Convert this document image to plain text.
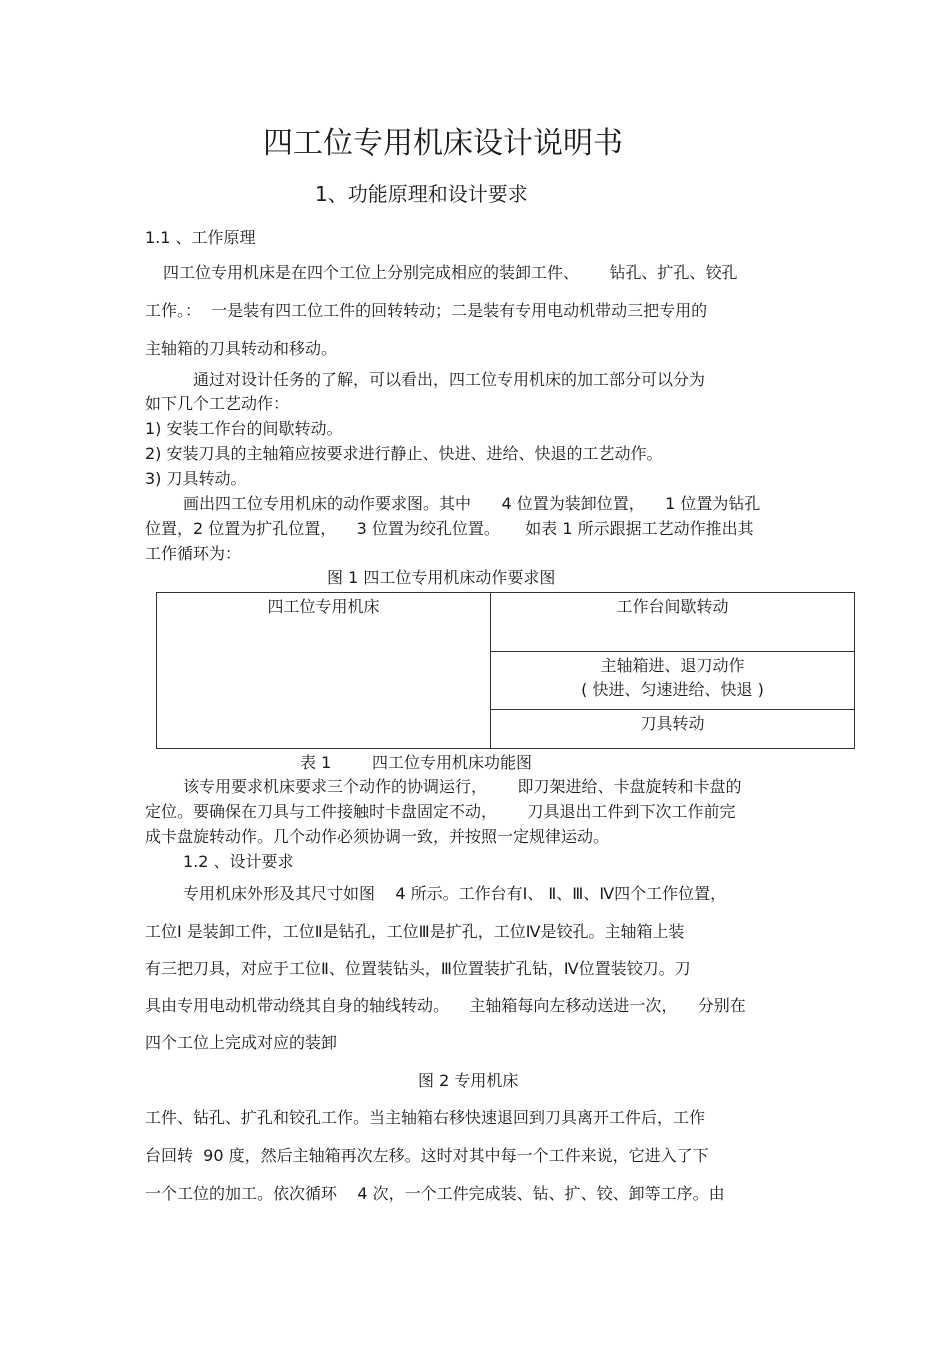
四工位专用机床设计说明书
1、功能原理和设计要求
1.1 、工作原理
四工位专用机床是在四个工位上分别完成相应的装卸工件、      钻孔、扩孔、铰孔
工作。：  一是装有四工位工件的回转转动；二是装有专用电动机带动三把专用的
主轴箱的刀具转动和移动。
通过对设计任务的了解，可以看出，四工位专用机床的加工部分可以分为
如下几个工艺动作：
1) 安装工作台的间歇转动。
2) 安装刀具的主轴箱应按要求进行静止、快进、进给、快退的工艺动作。
3) 刀具转动。
画出四工位专用机床的动作要求图。其中      4 位置为装卸位置，    1 位置为钻孔
位置，2 位置为扩孔位置，    3 位置为绞孔位置。     如表 1 所示跟据工艺动作推出其
工作循环为：
图 1 四工位专用机床动作要求图
四工位专用机床	工作台间歇转动

主轴箱进、退刀动作
( 快进、匀速进给、快退 )

刀具转动
表 1        四工位专用机床功能图
该专用要求机床要求三个动作的协调运行，      即刀架进给、卡盘旋转和卡盘的
定位。要确保在刀具与工件接触时卡盘固定不动，      刀具退出工件到下次工作前完
成卡盘旋转动作。几个动作必须协调一致，并按照一定规律运动。
1.2 、设计要求
专用机床外形及其尺寸如图    4 所示。工作台有Ⅰ、 Ⅱ、Ⅲ、Ⅳ四个工作位置，
工位Ⅰ 是装卸工件，工位Ⅱ是钻孔，工位Ⅲ是扩孔，工位Ⅳ是铰孔。主轴箱上装
有三把刀具，对应于工位Ⅱ、位置装钻头，Ⅲ位置装扩孔钻，Ⅳ位置装铰刀。刀
具由专用电动机带动绕其自身的轴线转动。    主轴箱每向左移动送进一次，    分别在
四个工位上完成对应的装卸
图 2 专用机床
工件、钻孔、扩孔和铰孔工作。当主轴箱右移快速退回到刀具离开工件后，工作
台回转  90 度，然后主轴箱再次左移。这时对其中每一个工件来说，它进入了下
一个工位的加工。依次循环    4 次，一个工件完成装、钻、扩、铰、卸等工序。由
